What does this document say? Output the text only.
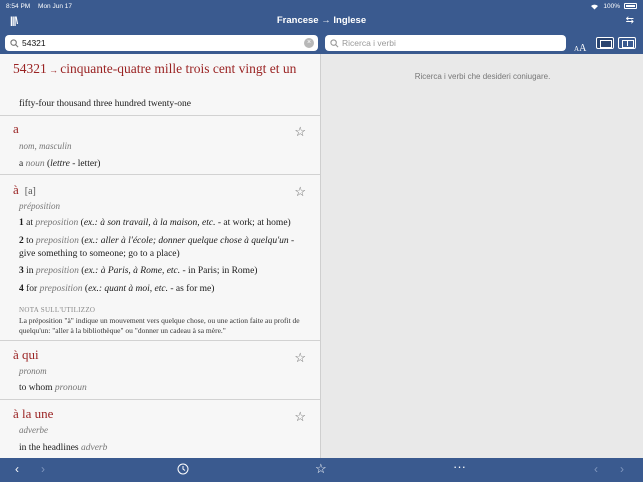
8:54 PM Mon Jun 17	100%
|||\	Francese → Inglese	⇆
54321	×	Ricerca i verbi
AA
54321 → cinquante-quatre mille trois cent vingt et un
fifty-four thousand three hundred twenty-one
a	☆
nom, masculin
a noun (lettre - letter)
à [a]	☆
préposition
1 at preposition (ex.: à son travail, à la maison, etc. - at work; at home)
2 to preposition (ex.: aller à l'école; donner quelque chose à quelqu'un - give something to someone; go to a place)
3 in preposition (ex.: à Paris, à Rome, etc. - in Paris; in Rome)
4 for preposition (ex.: quant à moi, etc. - as for me)
NOTA SULL'UTILIZZO
La préposition "à" indique un mouvement vers quelque chose, ou une action faite au profit de quelqu'un: "aller à la bibliothèque" ou "donner un cadeau à sa mère."
à qui	☆
pronom
to whom pronoun
à la une	☆
adverbe
in the headlines adverb
Ricerca i verbi che desideri coniugare.
‹ ›	☆	···	‹ ›
